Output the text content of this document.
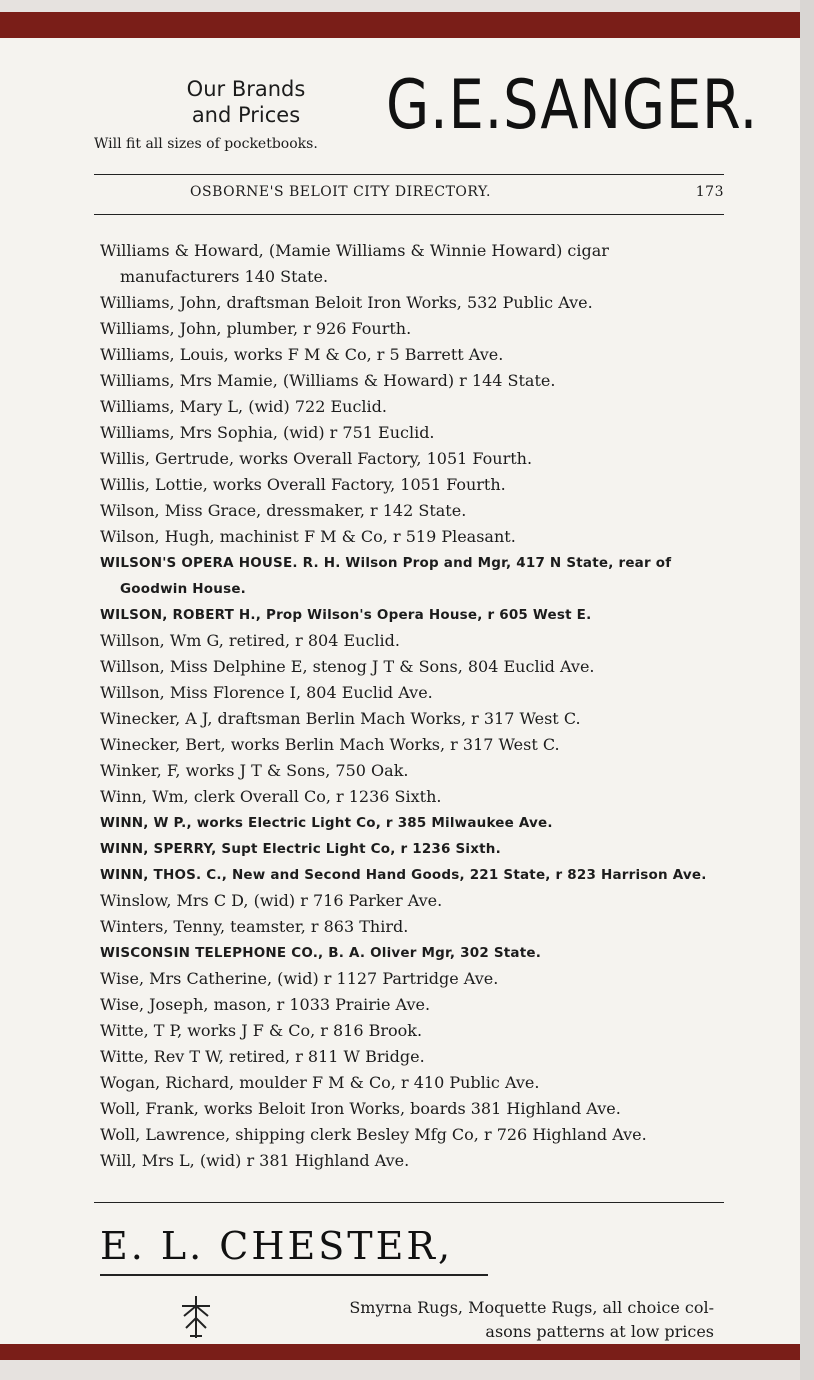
Our Brands
and Prices
Will fit all sizes of pocketbooks. G.E.SANGER.
OSBORNE'S BELOIT CITY DIRECTORY.	173
Williams & Howard, (Mamie Williams & Winnie Howard) cigar
manufacturers 140 State.
Williams, John, draftsman Beloit Iron Works, 532 Public Ave.
Williams, John, plumber, r 926 Fourth.
Williams, Louis, works F M & Co, r 5 Barrett Ave.
Williams, Mrs Mamie, (Williams & Howard) r 144 State.
Williams, Mary L, (wid) 722 Euclid.
Williams, Mrs Sophia, (wid) r 751 Euclid.
Willis, Gertrude, works Overall Factory, 1051 Fourth.
Willis, Lottie, works Overall Factory, 1051 Fourth.
Wilson, Miss Grace, dressmaker, r 142 State.
Wilson, Hugh, machinist F M & Co, r 519 Pleasant.
WILSON'S OPERA HOUSE. R. H. Wilson Prop and Mgr, 417 N State, rear of
Goodwin House.
WILSON, ROBERT H., Prop Wilson's Opera House, r 605 West E.
Willson, Wm G, retired, r 804 Euclid.
Willson, Miss Delphine E, stenog J T & Sons, 804 Euclid Ave.
Willson, Miss Florence I, 804 Euclid Ave.
Winecker, A J, draftsman Berlin Mach Works, r 317 West C.
Winecker, Bert, works Berlin Mach Works, r 317 West C.
Winker, F, works J T & Sons, 750 Oak.
Winn, Wm, clerk Overall Co, r 1236 Sixth.
WINN, W P., works Electric Light Co, r 385 Milwaukee Ave.
WINN, SPERRY, Supt Electric Light Co, r 1236 Sixth.
WINN, THOS. C., New and Second Hand Goods, 221 State, r 823 Harrison Ave.
Winslow, Mrs C D, (wid) r 716 Parker Ave.
Winters, Tenny, teamster, r 863 Third.
WISCONSIN TELEPHONE CO., B. A. Oliver Mgr, 302 State.
Wise, Mrs Catherine, (wid) r 1127 Partridge Ave.
Wise, Joseph, mason, r 1033 Prairie Ave.
Witte, T P, works J F & Co, r 816 Brook.
Witte, Rev T W, retired, r 811 W Bridge.
Wogan, Richard, moulder F M & Co, r 410 Public Ave.
Woll, Frank, works Beloit Iron Works, boards 381 Highland Ave.
Woll, Lawrence, shipping clerk Besley Mfg Co, r 726 Highland Ave.
Will, Mrs L, (wid) r 381 Highland Ave.
E. L. CHESTER,
Smyrna Rugs, Moquette Rugs, all choice col-
asons patterns at low prices
